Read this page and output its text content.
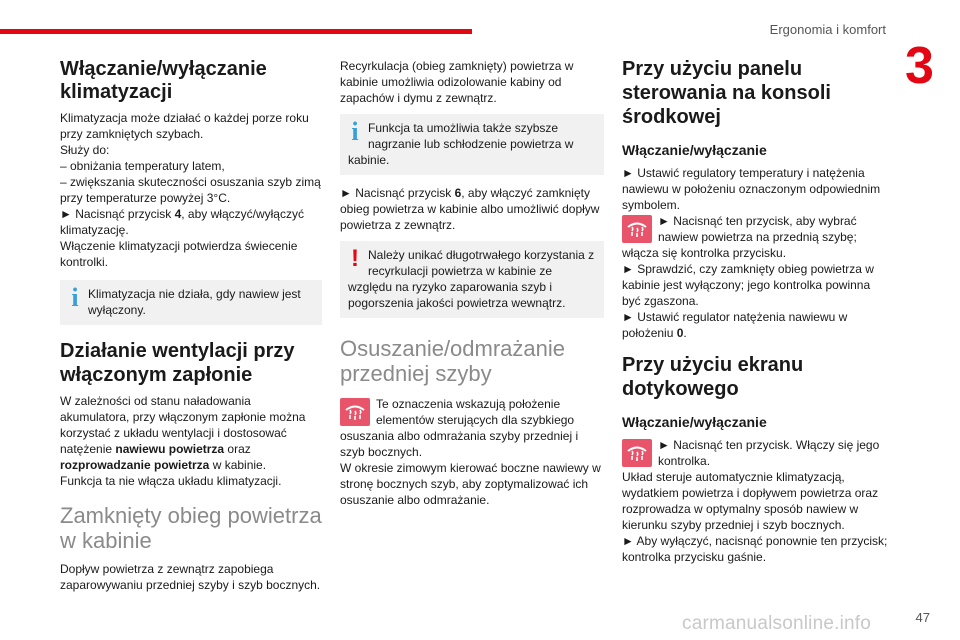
Ergonomia i komfort
3
Włączanie/wyłączanie klimatyzacji

Klimatyzacja może działać o każdej porze roku przy zamkniętych szybach.

Służy do:

– obniżania temperatury latem,

– zwiększania skuteczności osuszania szyb zimą przy temperaturze powyżej 3°C.

► Nacisnąć przycisk 4, aby włączyć/wyłączyć klimatyzację.

Włączenie klimatyzacji potwierdza świecenie kontrolki.

i Klimatyzacja nie działa, gdy nawiew jest wyłączony.
Działanie wentylacji przy włączonym zapłonie

W zależności od stanu naładowania akumulatora, przy włączonym zapłonie można korzystać z układu wentylacji i dostosować natężenie nawiewu powietrza oraz rozprowadzanie powietrza w kabinie.

Funkcja ta nie włącza układu klimatyzacji.

Zamknięty obieg powietrza w kabinie

Dopływ powietrza z zewnątrz zapobiega zaparowywaniu przedniej szyby i szyb bocznych.

Recyrkulacja (obieg zamknięty) powietrza w kabinie umożliwia odizolowanie kabiny od zapachów i dymu z zewnątrz.

i Funkcja ta umożliwia także szybsze nagrzanie lub schłodzenie powietrza w kabinie.

► Nacisnąć przycisk 6, aby włączyć zamknięty obieg powietrza w kabinie albo umożliwić dopływ powietrza z zewnątrz.

! Należy unikać długotrwałego korzystania z recyrkulacji powietrza w kabinie ze względu na ryzyko zaparowania szyb i pogorszenia jakości powietrza wewnątrz.
Osuszanie/odmrażanie przedniej szyby

Te oznaczenia wskazują położenie elementów sterujących dla szybkiego osuszania albo odmrażania szyby przedniej i szyb bocznych.

W okresie zimowym kierować boczne nawiewy w stronę bocznych szyb, aby zoptymalizować ich osuszanie albo odmrażanie.

Przy użyciu panelu sterowania na konsoli środkowej
Włączanie/wyłączanie

► Ustawić regulatory temperatury i natężenia nawiewu w położeniu oznaczonym odpowiednim symbolem.

► Nacisnąć ten przycisk, aby wybrać nawiew powietrza na przednią szybę; włącza się kontrolka przycisku.

► Sprawdzić, czy zamknięty obieg powietrza w kabinie jest wyłączony; jego kontrolka powinna być zgaszona.

► Ustawić regulator natężenia nawiewu w położeniu 0.

Przy użyciu ekranu dotykowego
Włączanie/wyłączanie

► Nacisnąć ten przycisk. Włączy się jego kontrolka.

Układ steruje automatycznie klimatyzacją, wydatkiem powietrza i dopływem powietrza oraz rozprowadza w optymalny sposób nawiew w kierunku szyby przedniej i szyb bocznych.

► Aby wyłączyć, nacisnąć ponownie ten przycisk; kontrolka przycisku gaśnie.

carmanualsonline.info	47
